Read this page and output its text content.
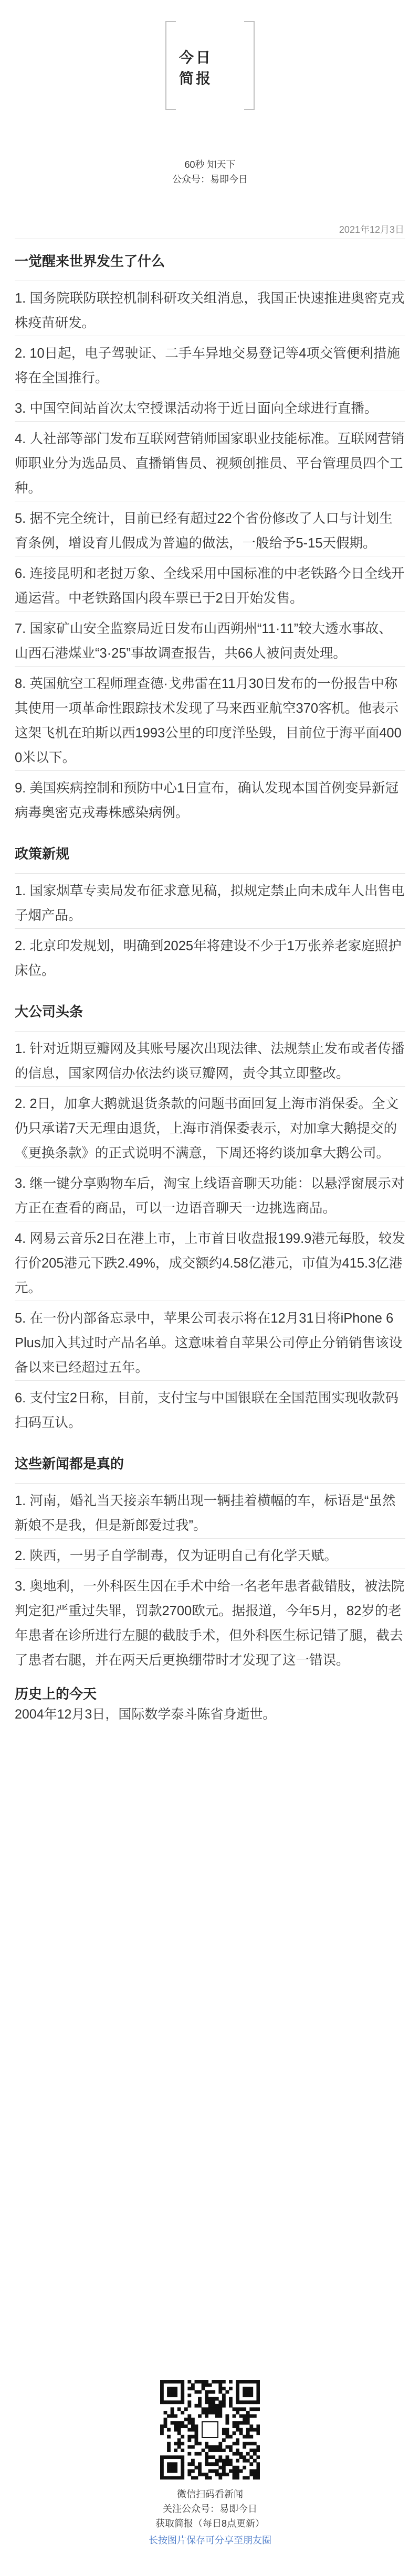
今日
简报
60秒 知天下
公众号：易即今日
2021年12月3日
一觉醒来世界发生了什么
1. 国务院联防联控机制科研攻关组消息，我国正快速推进奥密克戎株疫苗研发。
2. 10日起，电子驾驶证、二手车异地交易登记等4项交管便利措施将在全国推行。
3. 中国空间站首次太空授课活动将于近日面向全球进行直播。
4. 人社部等部门发布互联网营销师国家职业技能标准。互联网营销师职业分为选品员、直播销售员、视频创推员、平台管理员四个工种。
5. 据不完全统计，目前已经有超过22个省份修改了人口与计划生育条例，增设育儿假成为普遍的做法，一般给予5-15天假期。
6. 连接昆明和老挝万象、全线采用中国标准的中老铁路今日全线开通运营。中老铁路国内段车票已于2日开始发售。
7. 国家矿山安全监察局近日发布山西朔州“11·11”较大透水事故、山西石港煤业“3·25”事故调查报告，共66人被问责处理。
8. 英国航空工程师理查德·戈弗雷在11月30日发布的一份报告中称其使用一项革命性跟踪技术发现了马来西亚航空370客机。他表示这架飞机在珀斯以西1993公里的印度洋坠毁，目前位于海平面4000米以下。
9. 美国疾病控制和预防中心1日宣布，确认发现本国首例变异新冠病毒奥密克戎毒株感染病例。
政策新规
1. 国家烟草专卖局发布征求意见稿，拟规定禁止向未成年人出售电子烟产品。
2. 北京印发规划，明确到2025年将建设不少于1万张养老家庭照护床位。
大公司头条
1. 针对近期豆瓣网及其账号屡次出现法律、法规禁止发布或者传播的信息，国家网信办依法约谈豆瓣网，责令其立即整改。
2. 2日，加拿大鹅就退货条款的问题书面回复上海市消保委。全文仍只承诺7天无理由退货，上海市消保委表示，对加拿大鹅提交的《更换条款》的正式说明不满意，下周还将约谈加拿大鹅公司。
3. 继一键分享购物车后，淘宝上线语音聊天功能：以悬浮窗展示对方正在查看的商品，可以一边语音聊天一边挑选商品。
4. 网易云音乐2日在港上市，上市首日收盘报199.9港元每股，较发行价205港元下跌2.49%，成交额约4.58亿港元，市值为415.3亿港元。
5. 在一份内部备忘录中，苹果公司表示将在12月31日将iPhone 6 Plus加入其过时产品名单。这意味着自苹果公司停止分销销售该设备以来已经超过五年。
6. 支付宝2日称，目前，支付宝与中国银联在全国范围实现收款码扫码互认。
这些新闻都是真的
1. 河南，婚礼当天接亲车辆出现一辆挂着横幅的车，标语是“虽然新娘不是我，但是新郎爱过我”。
2. 陕西，一男子自学制毒，仅为证明自己有化学天赋。
3. 奥地利，一外科医生因在手术中给一名老年患者截错肢，被法院判定犯严重过失罪，罚款2700欧元。据报道，今年5月，82岁的老年患者在诊所进行左腿的截肢手术，但外科医生标记错了腿，截去了患者右腿，并在两天后更换绷带时才发现了这一错误。
历史上的今天
2004年12月3日，国际数学泰斗陈省身逝世。
微信扫码看新闻
关注公众号：易即今日
获取简报（每日8点更新）
长按图片保存可分享至朋友圈
